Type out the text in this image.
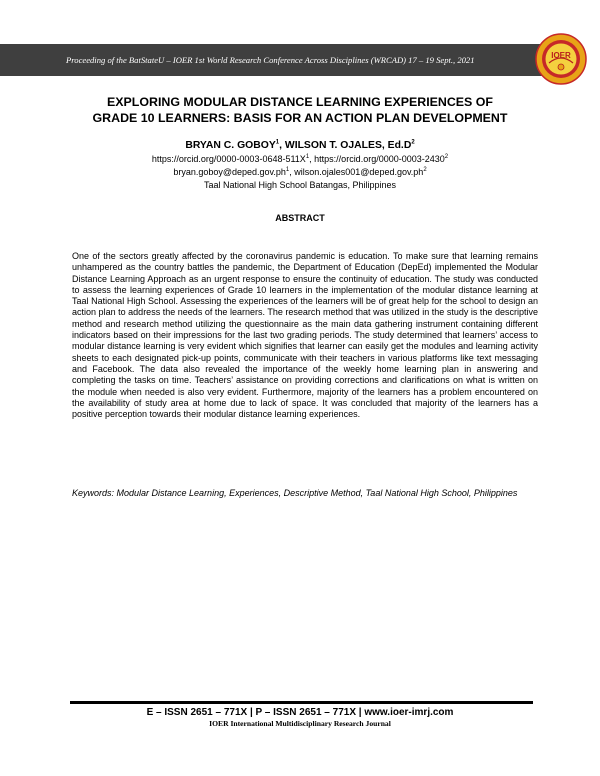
Proceeding of the BatStateU – IOER 1st World Research Conference Across Disciplines (WRCAD) 17 – 19 Sept., 2021	IOER
EXPLORING MODULAR DISTANCE LEARNING EXPERIENCES OF
GRADE 10 LEARNERS: BASIS FOR AN ACTION PLAN DEVELOPMENT
BRYAN C. GOBOY$^1$, WILSON T. OJALES, $Ed.D^2$
$https://orcid.org/0000-0003-0648-511X^1$, https://orcid.org/0000-0003-2430$^2$
$bryan.goboy@deped.gov.ph^1$, $wilson.ojales001@deped.gov.ph^2$
Taal National High School Batangas, Philippines
ABSTRACT
One of the sectors greatly affected by the coronavirus pandemic is education. To make sure that learning remains unhampered as the country battles the pandemic, the Department of Education (DepEd) implemented the Modular Distance Learning Approach as an urgent response to ensure the continuity of education. The study was conducted to assess the learning experiences of Grade 10 learners in the implementation of the modular distance learning at Taal National High School. Assessing the experiences of the learners will be of great help for the school to design an action plan to address the needs of the learners. The research method that was utilized in the study is the descriptive method and research method utilizing the questionnaire as the main data gathering instrument containing different indicators based on their impressions for the last two grading periods. The study determined that learners’ access to modular distance learning is very evident which signifies that learner can easily get the modules and learning activity sheets to each designated pick-up points, communicate with their teachers in various platforms like text messaging and Facebook. The data also revealed the importance of the weekly home learning plan in answering and completing the tasks on time. Teachers’ assistance on providing corrections and clarifications on what is written on the module when needed is also very evident. Furthermore, majority of the learners has a problem encountered on the availability of study area at home due to lack of space. It was concluded that majority of the learners has a positive perception towards their modular distance learning experiences.
Keywords: Modular Distance Learning, Experiences, Descriptive Method, Taal National High School, Philippines
E – ISSN 2651 – 771X | P – ISSN 2651 – 771X | www.ioer-imrj.com
IOER International Multidisciplinary Research Journal
